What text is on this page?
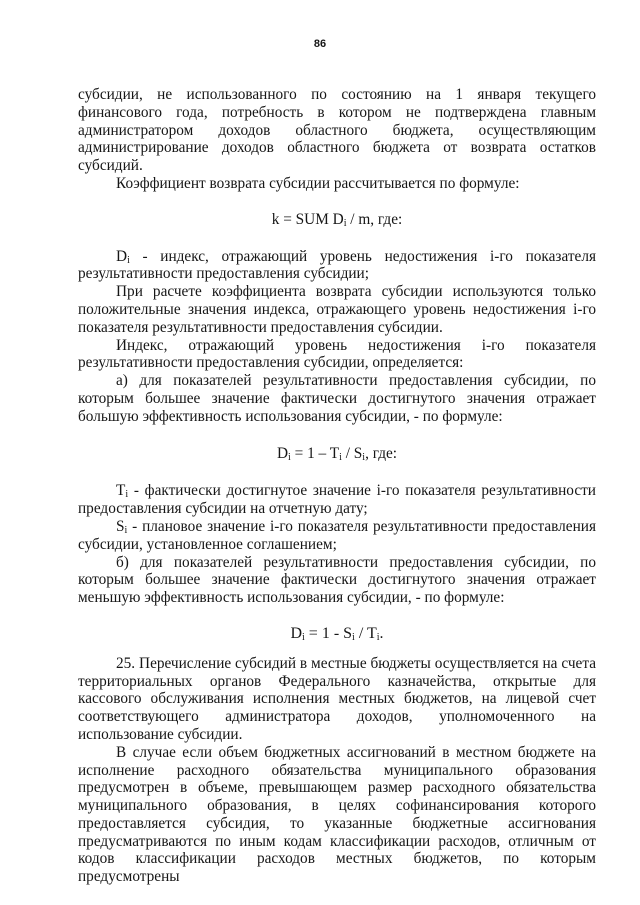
86

субсидии, не использованного по состоянию на 1 января текущего финансового года, потребность в котором не подтверждена главным администратором доходов областного бюджета, осуществляющим администрирование доходов областного бюджета от возврата остатков субсидий.

Коэффициент возврата субсидии рассчитывается по формуле:

k = SUM $D_i$ / m, где:

$D_i$ - индекс, отражающий уровень недостижения i-го показателя результативности предоставления субсидии;

При расчете коэффициента возврата субсидии используются только положительные значения индекса, отражающего уровень недостижения i-го показателя результативности предоставления субсидии.

Индекс, отражающий уровень недостижения i-го показателя результативности предоставления субсидии, определяется:

а) для показателей результативности предоставления субсидии, по которым большее значение фактически достигнутого значения отражает большую эффективность использования субсидии, - по формуле:

$D_i = 1 - T_i / S_i$, где:

$T_i$ - фактически достигнутое значение i-го показателя результативности предоставления субсидии на отчетную дату;

$S_i$ - плановое значение i-го показателя результативности предоставления субсидии, установленное соглашением;

б) для показателей результативности предоставления субсидии, по которым большее значение фактически достигнутого значения отражает меньшую эффективность использования субсидии, - по формуле:

$D_i = 1 - S_i / T_i$.

25. Перечисление субсидий в местные бюджеты осуществляется на счета территориальных органов Федерального казначейства, открытые для кассового обслуживания исполнения местных бюджетов, на лицевой счет соответствующего администратора доходов, уполномоченного на использование субсидии.

В случае если объем бюджетных ассигнований в местном бюджете на исполнение расходного обязательства муниципального образования предусмотрен в объеме, превышающем размер расходного обязательства муниципального образования, в целях софинансирования которого предоставляется субсидия, то указанные бюджетные ассигнования предусматриваются по иным кодам классификации расходов, отличным от кодов классификации расходов местных бюджетов, по которым предусмотрены
